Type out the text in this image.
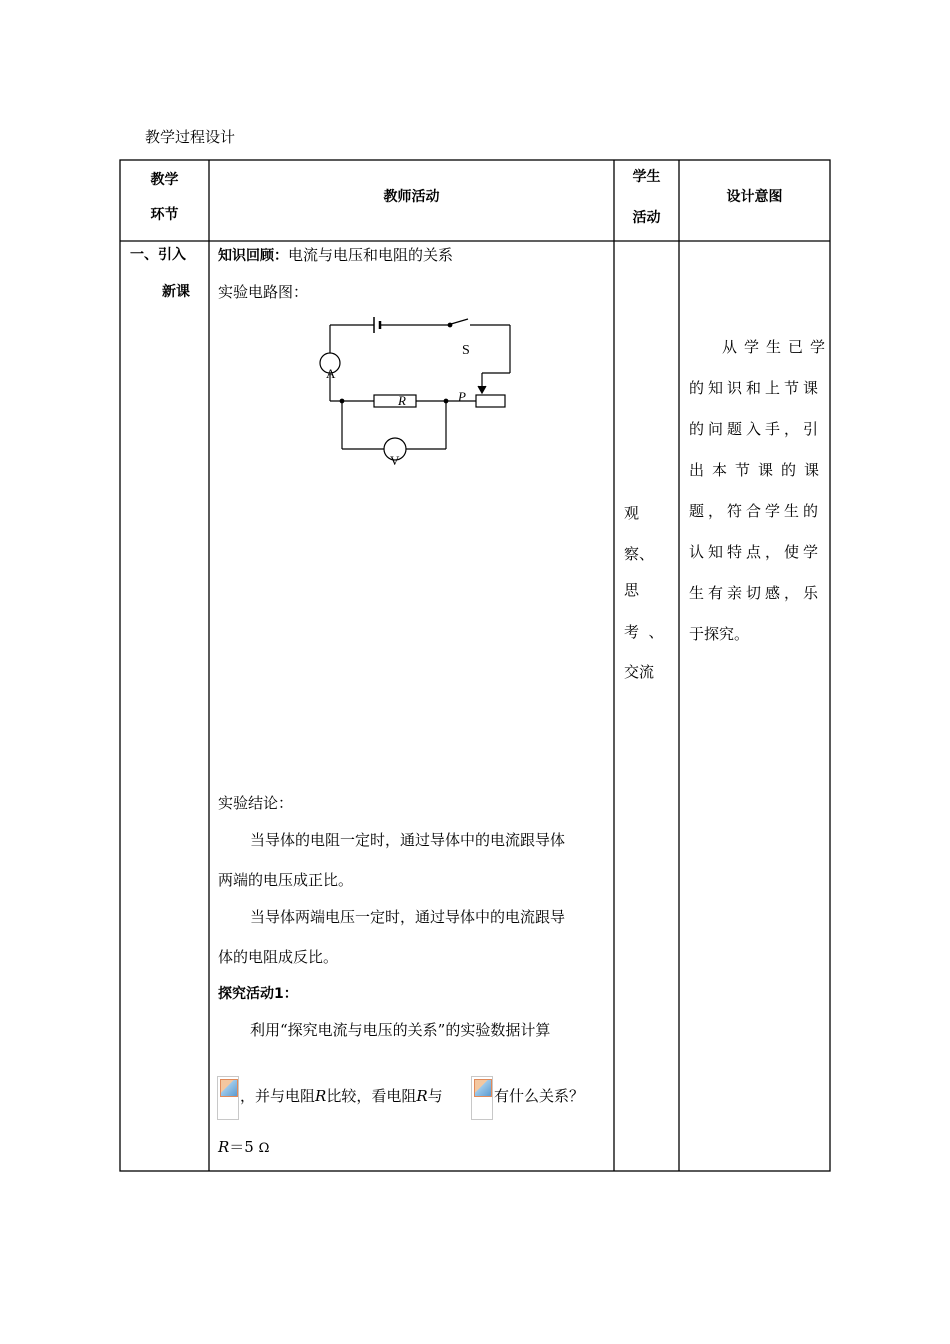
教学过程设计
教学
环节
教师活动
学生
活动
设计意图
一、引入
新课
知识回顾：电流与电压和电阻的关系
实验电路图：
S
A
R	P
V
实验结论：
当导体的电阻一定时，通过导体中的电流跟导体
两端的电压成正比。
当导体两端电压一定时，通过导体中的电流跟导
体的电阻成反比。
探究活动1：
利用“探究电流与电压的关系”的实验数据计算
，并与电阻R比较，看电阻R与	有什么关系？
R＝5 Ω
观
察、
思
考  、
交流
从学生已学
的知识和上节课
的问题入手，引
出本节课的课
题，符合学生的
认知特点，使学
生有亲切感，乐
于探究。
